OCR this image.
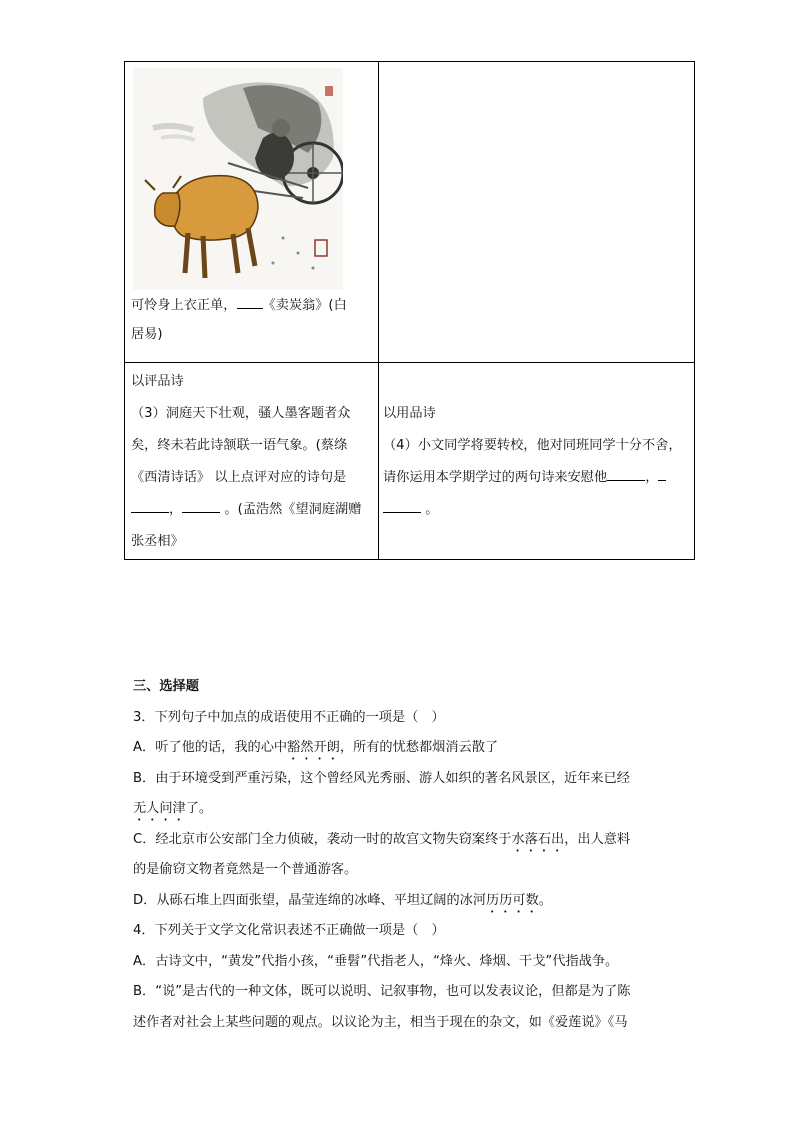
可怜身上衣正单， 《卖炭翁》(白
居易)
以评品诗
（3）洞庭天下壮观，骚人墨客题者众
矣，终未若此诗颔联一语气象。(蔡绦
《西清诗话》 以上点评对应的诗句是
，	。(孟浩然《望洞庭湖赠
张丞相》
以用品诗
（4）小文同学将要转校，他对同班同学十分不舍，
请你运用本学期学过的两句诗来安慰他	，
。

三、选择题

3．下列句子中加点的成语使用不正确的一项是（　）

A．听了他的话，我的心中豁然开朗，所有的忧愁都烟消云散了

B．由于环境受到严重污染，这个曾经风光秀丽、游人如织的著名风景区，近年来已经

无人问津了。

C．经北京市公安部门全力侦破，袭动一时的故宫文物失窃案终于水落石出，出人意料

的是偷窃文物者竟然是一个普通游客。

D．从砾石堆上四面张望，晶莹连绵的冰峰、平坦辽阔的冰河历历可数。

4．下列关于文学文化常识表述不正确做一项是（　）

A．古诗文中，“黄发”代指小孩，“垂髫”代指老人，“烽火、烽烟、干戈”代指战争。

B．“说”是古代的一种文体，既可以说明、记叙事物，也可以发表议论，但都是为了陈

述作者对社会上某些问题的观点。以议论为主，相当于现在的杂文，如《爱莲说》《马
